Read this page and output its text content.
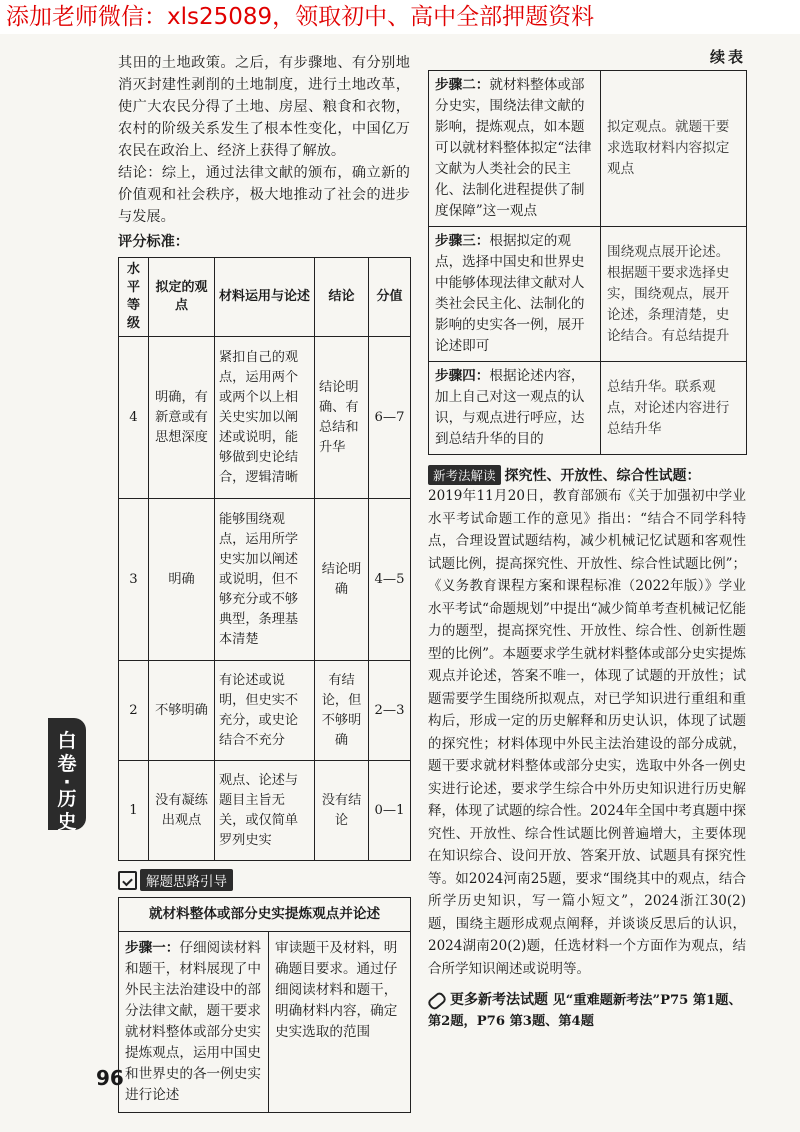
添加老师微信：xls25089，领取初中、高中全部押题资料

其田的土地政策。之后，有步骤地、有分别地消灭封建性剥削的土地制度，进行土地改革，使广大农民分得了土地、房屋、粮食和衣物，农村的阶级关系发生了根本性变化，中国亿万农民在政治上、经济上获得了解放。

结论：综上，通过法律文献的颁布，确立新的价值观和社会秩序，极大地推动了社会的进步与发展。

评分标准：
水平等级	拟定的观点	材料运用与论述	结论	分值
4	明确，有新意或有思想深度	紧扣自己的观点，运用两个或两个以上相关史实加以阐述或说明，能够做到史论结合，逻辑清晰	结论明确、有总结和升华	6—7
3	明确	能够围绕观点，运用所学史实加以阐述或说明，但不够充分或不够典型，条理基本清楚	结论明确	4—5
2	不够明确	有论述或说明，但史实不充分，或史论结合不充分	有结论，但不够明确	2—3
1	没有凝练出观点	观点、论述与题目主旨无关，或仅简单罗列史实	没有结论	0—1
解题思路引导
就材料整体或部分史实提炼观点并论述
步骤一：仔细阅读材料和题干，材料展现了中外民主法治建设中的部分法律文献，题干要求就材料整体或部分史实提炼观点，运用中国史和世界史的各一例史实进行论述	审读题干及材料，明确题目要求。通过仔细阅读材料和题干，明确材料内容，确定史实选取的范围
续表
步骤二：就材料整体或部分史实，围绕法律文献的影响，提炼观点，如本题可以就材料整体拟定“法律文献为人类社会的民主化、法制化进程提供了制度保障”这一观点	拟定观点。就题干要求选取材料内容拟定观点
步骤三：根据拟定的观点，选择中国史和世界史中能够体现法律文献对人类社会民主化、法制化的影响的史实各一例，展开论述即可	围绕观点展开论述。根据题干要求选择史实，围绕观点，展开论述，条理清楚，史论结合。有总结提升
步骤四：根据论述内容，加上自己对这一观点的认识，与观点进行呼应，达到总结升华的目的	总结升华。联系观点，对论述内容进行总结升华
新考法解读 探究性、开放性、综合性试题：

2019年11月20日，教育部颁布《关于加强初中学业水平考试命题工作的意见》指出：“结合不同学科特点，合理设置试题结构，减少机械记忆试题和客观性试题比例，提高探究性、开放性、综合性试题比例”；《义务教育课程方案和课程标准（2022年版）》学业水平考试“命题规划”中提出“减少简单考查机械记忆能力的题型，提高探究性、开放性、综合性、创新性题型的比例”。本题要求学生就材料整体或部分史实提炼观点并论述，答案不唯一，体现了试题的开放性；试题需要学生围绕所拟观点，对已学知识进行重组和重构后，形成一定的历史解释和历史认识，体现了试题的探究性；材料体现中外民主法治建设的部分成就，题干要求就材料整体或部分史实，选取中外各一例史实进行论述，要求学生综合中外历史知识进行历史解释，体现了试题的综合性。2024年全国中考真题中探究性、开放性、综合性试题比例普遍增大，主要体现在知识综合、设问开放、答案开放、试题具有探究性等。如2024河南25题，要求“围绕其中的观点，结合所学历史知识，写一篇小短文”，2024浙江30(2)题，围绕主题形成观点阐释，并谈谈反思后的认识，2024湖南20(2)题，任选材料一个方面作为观点，结合所学知识阐述或说明等。

更多新考法试题 见“重难题新考法”P75 第1题、第2题，P76 第3题、第4题
白
卷
·
历
史
96
